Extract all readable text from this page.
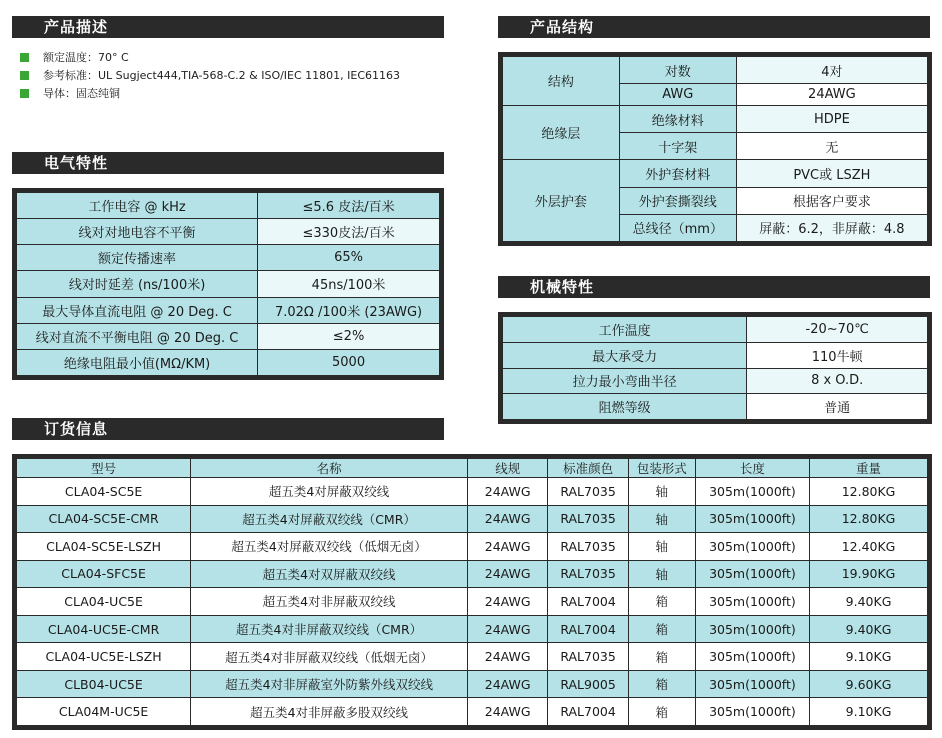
产品描述
电气特性
订货信息
产品结构
机械特性
额定温度：70° C
参考标准：UL Sugject444,TIA-568-C.2 & ISO/IEC 11801, IEC61163
导体：固态纯铜
工作电容 @ kHz	≤5.6 皮法/百米
线对对地电容不平衡	≤330皮法/百米
额定传播速率	65%
线对时延差 (ns/100米)	45ns/100米
最大导体直流电阻 @ 20 Deg. C	7.02Ω /100米 (23AWG)
线对直流不平衡电阻 @ 20 Deg. C	≤2%
绝缘电阻最小值(MΩ/KM)	5000
结构	对数	4对
	AWG	24AWG
绝缘层	绝缘材料	HDPE
	十字架	无
外层护套	外护套材料	PVC或 LSZH
	外护套撕裂线	根据客户要求
	总线径（mm）	屏蔽：6.2，非屏蔽：4.8
工作温度	-20~70℃
最大承受力	110牛顿
拉力最小弯曲半径	8 x O.D.
阻燃等级	普通
型号	名称	线规	标准颜色	包装形式	长度	重量
CLA04-SC5E	超五类4对屏蔽双绞线	24AWG	RAL7035	轴	305m(1000ft)	12.80KG
CLA04-SC5E-CMR	超五类4对屏蔽双绞线（CMR）	24AWG	RAL7035	轴	305m(1000ft)	12.80KG
CLA04-SC5E-LSZH	超五类4对屏蔽双绞线（低烟无卤）	24AWG	RAL7035	轴	305m(1000ft)	12.40KG
CLA04-SFC5E	超五类4对双屏蔽双绞线	24AWG	RAL7035	轴	305m(1000ft)	19.90KG
CLA04-UC5E	超五类4对非屏蔽双绞线	24AWG	RAL7004	箱	305m(1000ft)	9.40KG
CLA04-UC5E-CMR	超五类4对非屏蔽双绞线（CMR）	24AWG	RAL7004	箱	305m(1000ft)	9.40KG
CLA04-UC5E-LSZH	超五类4对非屏蔽双绞线（低烟无卤）	24AWG	RAL7035	箱	305m(1000ft)	9.10KG
CLB04-UC5E	超五类4对非屏蔽室外防紫外线双绞线	24AWG	RAL9005	箱	305m(1000ft)	9.60KG
CLA04M-UC5E	超五类4对非屏蔽多股双绞线	24AWG	RAL7004	箱	305m(1000ft)	9.10KG
